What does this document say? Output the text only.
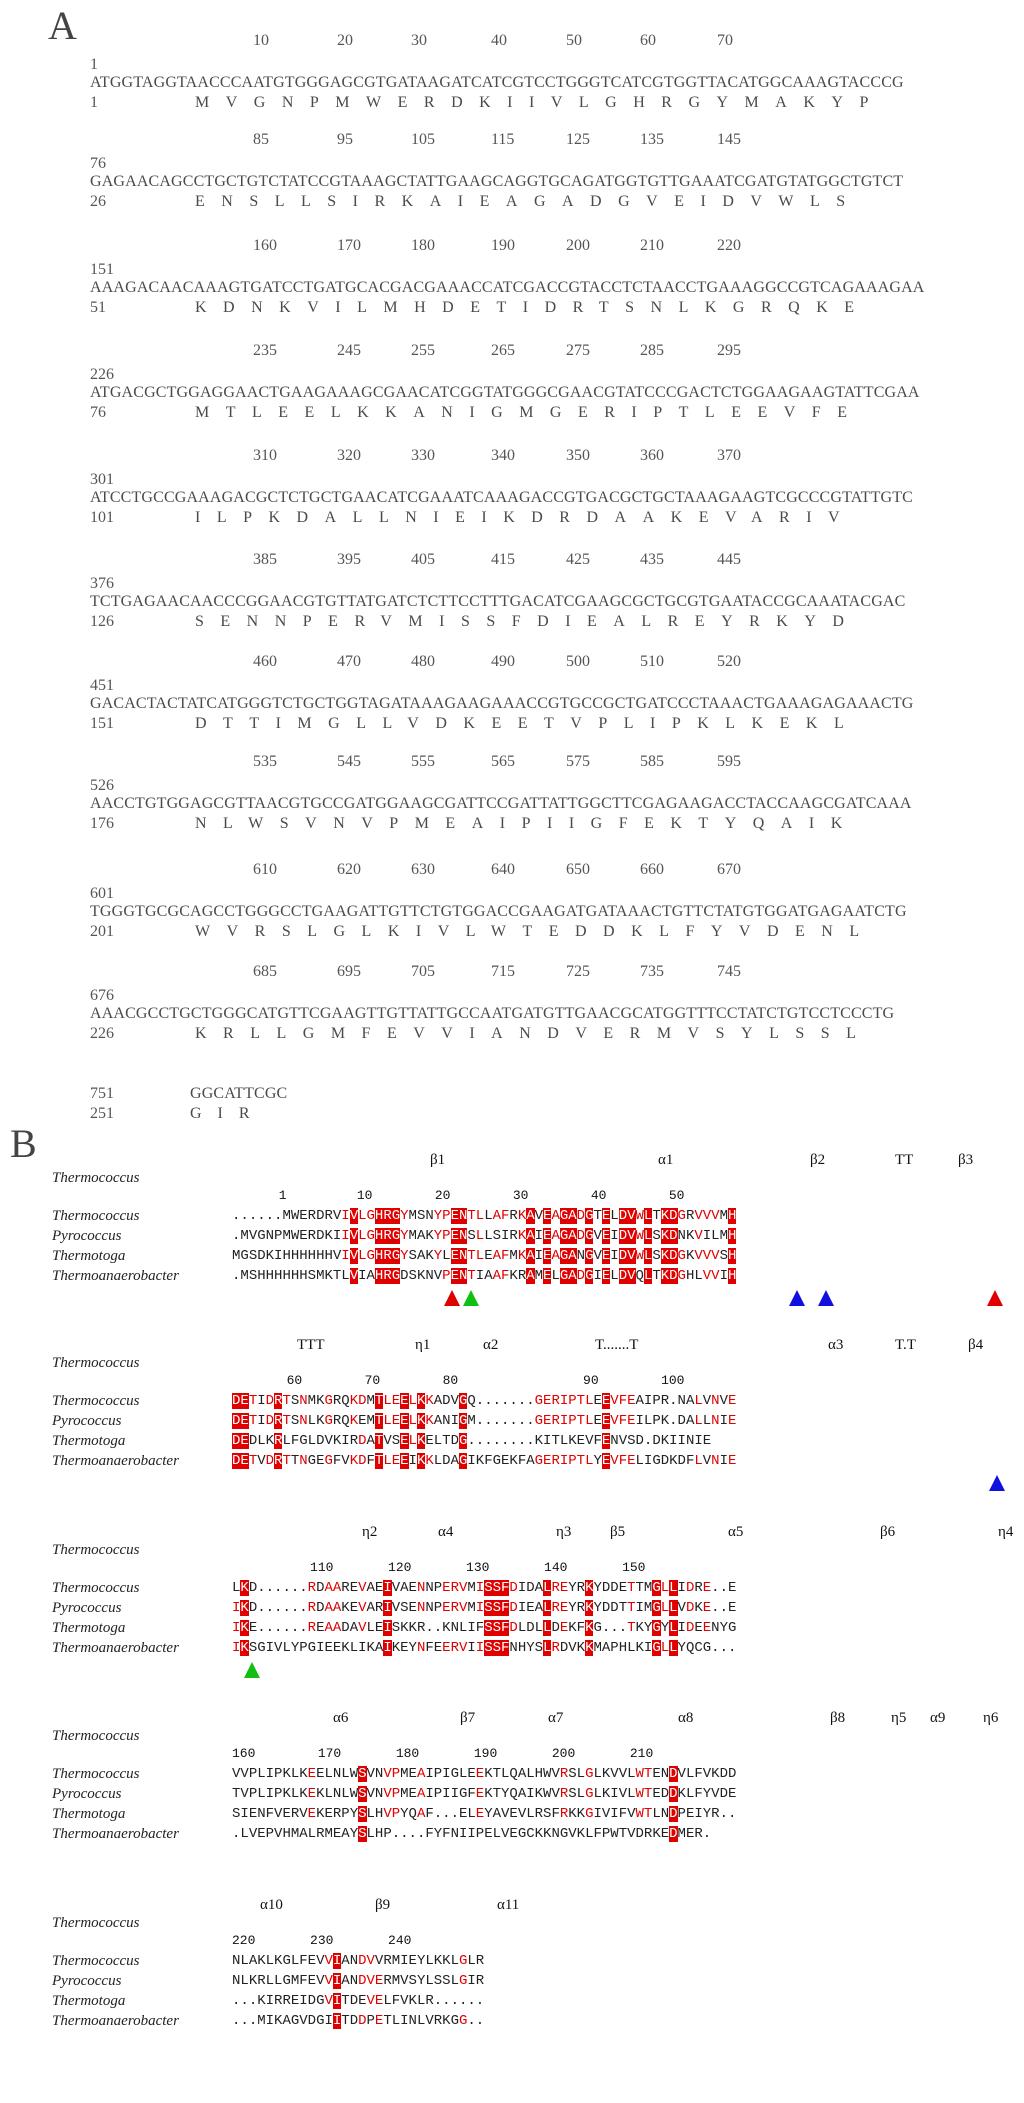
A	10	20	30	40	50	60	70
1
ATGGTAGGTAACCCAATGTGGGAGCGTGATAAGATCATCGTCCTGGGTCATCGTGGTTACATGGCAAAGTACCCG
1	MVGNPMWERDKIIVLGHRGYMAKYP
85	95	105	115	125	135	145
76
GAGAACAGCCTGCTGTCTATCCGTAAAGCTATTGAAGCAGGTGCAGATGGTGTTGAAATCGATGTATGGCTGTCT
26	ENSLLSIRKAIEAGADGVEIDVWLS
160	170	180	190	200	210	220
151
AAAGACAACAAAGTGATCCTGATGCACGACGAAACCATCGACCGTACCTCTAACCTGAAAGGCCGTCAGAAAGAA
51	KDNKVILMHDETIDRTSNLKGRQKE
235	245	255	265	275	285	295
226
ATGACGCTGGAGGAACTGAAGAAAGCGAACATCGGTATGGGCGAACGTATCCCGACTCTGGAAGAAGTATTCGAA
76	MTLEELKKANIGMGERIPTLEEVFE
310	320	330	340	350	360	370
301
ATCCTGCCGAAAGACGCTCTGCTGAACATCGAAATCAAAGACCGTGACGCTGCTAAAGAAGTCGCCCGTATTGTC
101	ILPKDALLNIEIKDRDAAKEVARIV
385	395	405	415	425	435	445
376
TCTGAGAACAACCCGGAACGTGTTATGATCTCTTCCTTTGACATCGAAGCGCTGCGTGAATACCGCAAATACGAC
126	SENNPERVMISSFDIEALREYRKYD
460	470	480	490	500	510	520
451
GACACTACTATCATGGGTCTGCTGGTAGATAAAGAAGAAACCGTGCCGCTGATCCCTAAACTGAAAGAGAAACTG
151	DTTIMGLLVDKEETVPLIPKLKEKL
535	545	555	565	575	585	595
526
AACCTGTGGAGCGTTAACGTGCCGATGGAAGCGATTCCGATTATTGGCTTCGAGAAGACCTACCAAGCGATCAAA
176	NLWSVNVPMEAIPIIGFEKTYQAIK
610	620	630	640	650	660	670
601
TGGGTGCGCAGCCTGGGCCTGAAGATTGTTCTGTGGACCGAAGATGATAAACTGTTCTATGTGGATGAGAATCTG
201	WVRSLGLKIVLWTEDDKLFYVDENL
685	695	705	715	725	735	745
676
AAACGCCTGCTGGGCATGTTCGAAGTTGTTATTGCCAATGATGTTGAACGCATGGTTTCCTATCTGTCCTCCCTG
226	KRLLGMFEVVIANDVERMVSYLSSL
751	GGCATTCGC
251	GIR
B
Thermococcus
β1	α1	β2	TT	β3
1         10        20        30        40        50
Thermococcus	......MWERDRVIVLGHRGYMSNYPENTLLAFRKAVEAGADGTELDVWLTKDGRVVVMH
Pyrococcus	.MVGNPMWERDKIIVLGHRGYMAKYPENSLLSIRKAIEAGADGVEIDVWLSKDNKVILMH
Thermotoga	MGSDKIHHHHHHVIVLGHRGYSAKYLENTLEAFMKAIEAGANGVEIDVWLSKDGKVVVSH
Thermoanaerobacter	.MSHHHHHHSMKTLVIAHRGDSKNVPENTIAAFKRAMELGADGIELDVQLTKDGHLVVIH
Thermococcus
TTT	η1	α2	T.......T	α3	T.T	β4
60        70        80                90        100
Thermococcus	DETIDRTSNMKGRQKDMTLEELKKADVGQ.......GERIPTLEEVFEAIPR.NALVNVE
Pyrococcus	DETIDRTSNLKGRQKEMTLEELKKANIGM.......GERIPTLEEVFEILPK.DALLNIE
Thermotoga	DEDLKRLFGLDVKIRDATVSELKELTDG........KITLKEVFENVSD.DKIINIE
Thermoanaerobacter	DETVDRTTNGEGFVKDFTLEEIKKLDAGIKFGEKFAGERIPTLYEVFELIGDKDFLVNIE
Thermococcus
η2	α4	η3	β5	α5	β6	η4
110       120       130       140       150
Thermococcus	LKD......RDAAREVAEIVAENNPERVMISSFDIDALREYRKYDDETTMGLLIDRE..E
Pyrococcus	IKD......RDAAKEVARIVSENNPERVMISSFDIEALREYRKYDDTTIMGLLVDKE..E
Thermotoga	IKE......REAADAVLEISKKR..KNLIFSSFDLDLLDEKFKG...TKYGYLIDEENYG
Thermoanaerobacter	IKSGIVLYPGIEEKLIKAIKEYNFEERVIISSFNHYSLRDVKKMAPHLKIGLLYQCG...
Thermococcus
α6	β7	α7	α8	β8	η5 α9	η6
160        170       180       190       200       210
Thermococcus	VVPLIPKLKEELNLWSVNVPMEAIPIGLEEKTLQALHWVRSLGLKVVLWTENDVLFVKDD
Pyrococcus	TVPLIPKLKEKLNLWSVNVPMEAIPIIGFEKTYQAIKWVRSLGLKIVLWTEDDKLFYVDE
Thermotoga	SIENFVERVEKERPYSLHVPYQAF...ELEYAVEVLRSFRKKGIVIFVWTLNDPEIYR..
Thermoanaerobacter	.LVEPVHMALRMEAYSLHP....FYFNIIPELVEGCKKNGVKLFPWTVDRKEDMER.
Thermococcus
α10	β9	α11
220       230       240
Thermococcus	NLAKLKGLFEVVIANDVVRMIEYLKKLGLR
Pyrococcus	NLKRLLGMFEVVIANDVERMVSYLSSLGIR
Thermotoga	...KIRREIDGVITDEVELFVKLR......
Thermoanaerobacter	...MIKAGVDGIITDDPETLINLVRKGG..
